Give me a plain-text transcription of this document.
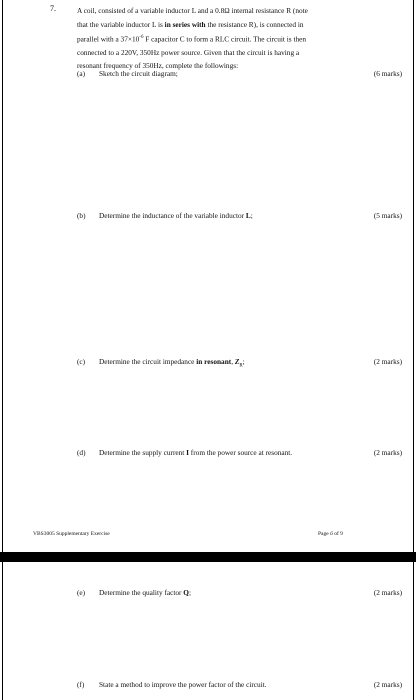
7.	A coil, consisted of a variable inductor L and a 0.8Ω internal resistance R (note
that the variable inductor L is in series with the resistance R), is connected in
parallel with a $37\times 10^{-6}$ F capacitor C to form a RLC circuit. The circuit is then
connected to a 220V, 350Hz power source. Given that the circuit is having a
resonant frequency of 350Hz, complete the followings:

(a) Sketch the circuit diagram;	(6 marks)
(b) Determine the inductance of the variable inductor L;	(5 marks)
(c) Determine the circuit impedance in resonant, $Z_R$;	(2 marks)
(d) Determine the supply current I from the power source at resonant.	(2 marks)
VBS3005 Supplementary Exercise	Page 6 of 9
(e) Determine the quality factor Q;	(2 marks)
(f) State a method to improve the power factor of the circuit.	(2 marks)
